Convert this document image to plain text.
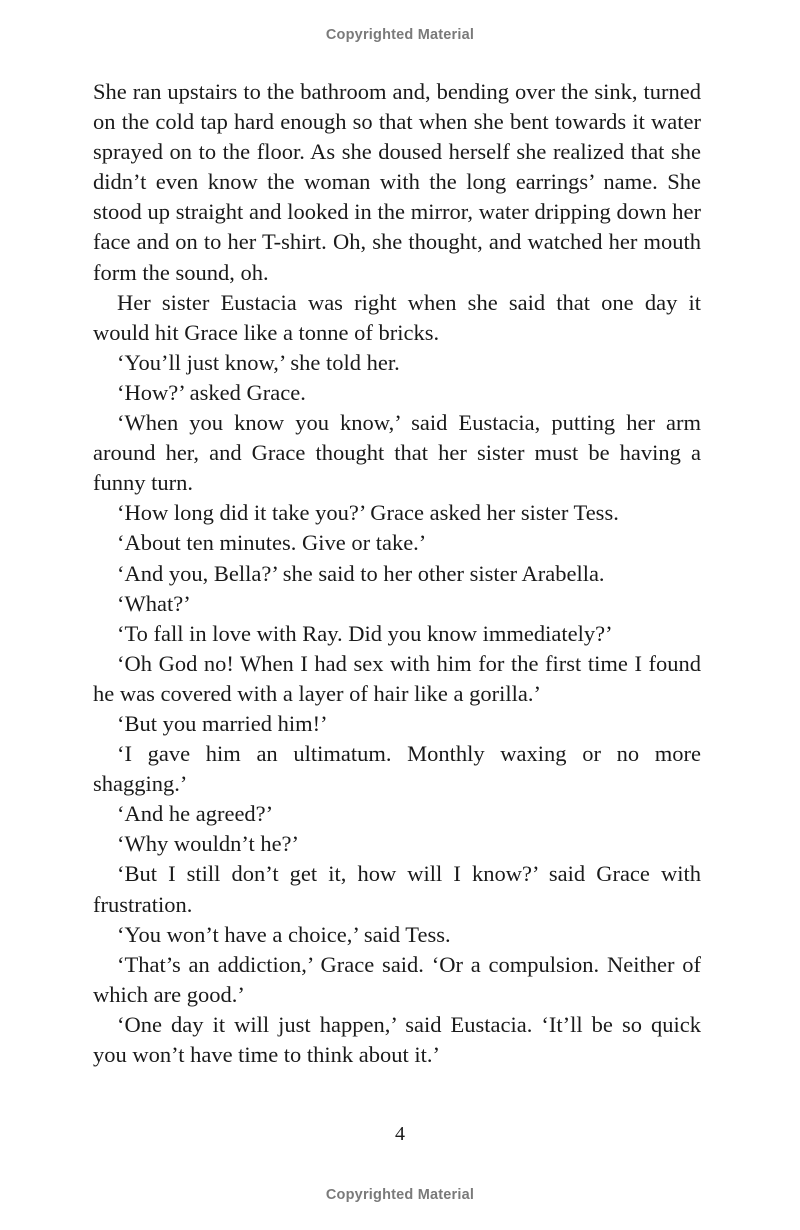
Copyrighted Material

She ran upstairs to the bathroom and, bending over the sink, turned on the cold tap hard enough so that when she bent towards it water sprayed on to the floor. As she doused herself she realized that she didn’t even know the woman with the long earrings’ name. She stood up straight and looked in the mirror, water dripping down her face and on to her T-shirt. Oh, she thought, and watched her mouth form the sound, oh.

Her sister Eustacia was right when she said that one day it would hit Grace like a tonne of bricks.

‘You’ll just know,’ she told her.

‘How?’ asked Grace.

‘When you know you know,’ said Eustacia, putting her arm around her, and Grace thought that her sister must be having a funny turn.

‘How long did it take you?’ Grace asked her sister Tess.

‘About ten minutes. Give or take.’

‘And you, Bella?’ she said to her other sister Arabella.

‘What?’

‘To fall in love with Ray. Did you know immediately?’

‘Oh God no! When I had sex with him for the first time I found he was covered with a layer of hair like a gorilla.’

‘But you married him!’

‘I gave him an ultimatum. Monthly waxing or no more shagging.’

‘And he agreed?’

‘Why wouldn’t he?’

‘But I still don’t get it, how will I know?’ said Grace with frustration.

‘You won’t have a choice,’ said Tess.

‘That’s an addiction,’ Grace said. ‘Or a compulsion. Neither of which are good.’

‘One day it will just happen,’ said Eustacia. ‘It’ll be so quick you won’t have time to think about it.’

4
Copyrighted Material
